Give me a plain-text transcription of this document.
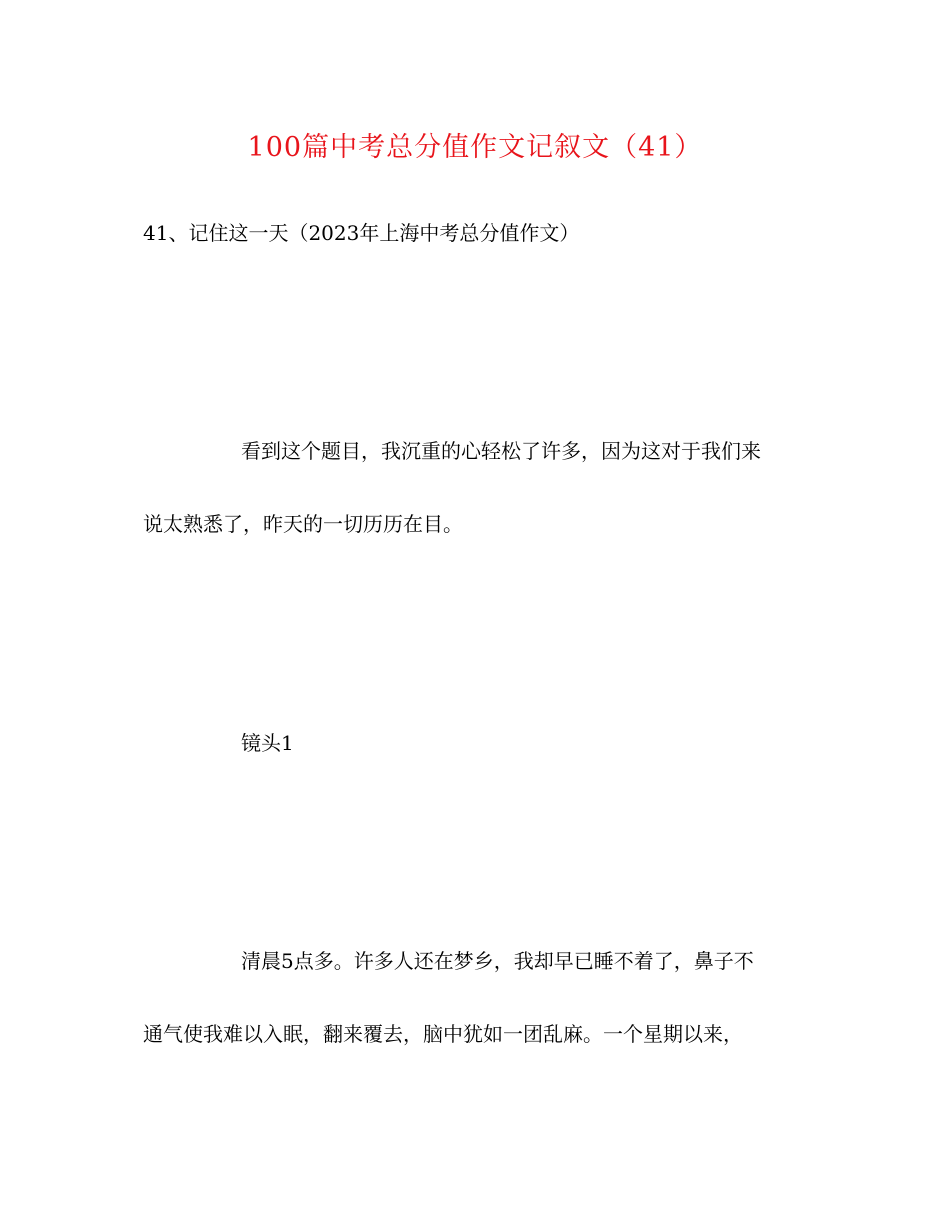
100篇中考总分值作文记叙文（41）
41、记住这一天（2023年上海中考总分值作文）
看到这个题目，我沉重的心轻松了许多，因为这对于我们来
说太熟悉了，昨天的一切历历在目。
镜头1
清晨5点多。许多人还在梦乡，我却早已睡不着了，鼻子不
通气使我难以入眠，翻来覆去，脑中犹如一团乱麻。一个星期以来，
